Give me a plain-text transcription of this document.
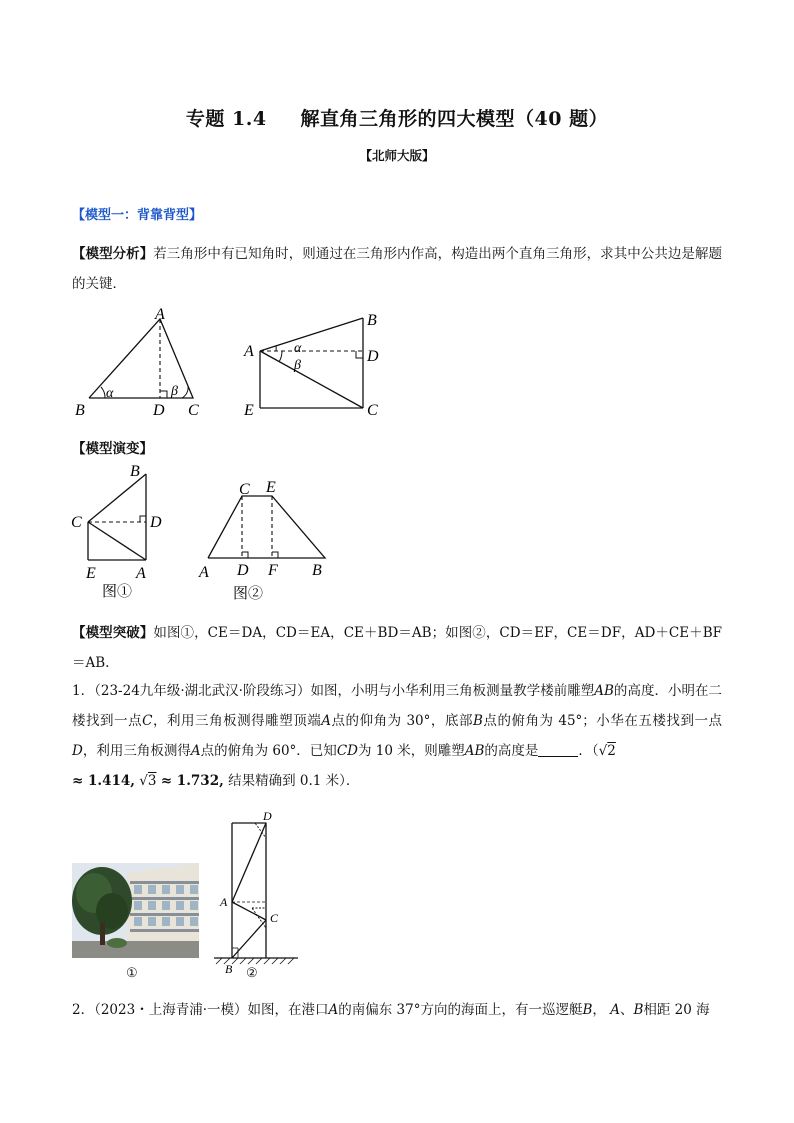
专题 1.4 解直角三角形的四大模型（40 题）
【北师大版】
【模型一：背靠背型】
【模型分析】若三角形中有已知角时，则通过在三角形内作高，构造出两个直角三角形，求其中公共边是解题的关键．
A
B	D C
α	β
A
B
D
C
E
α
β
【模型演变】
B
C	D
E	A
图①
C E
A D F B
图②
【模型突破】如图①，CE＝DA，CD＝EA，CE＋BD＝AB；如图②，CD＝EF，CE＝DF，AD＋CE＋BF＝AB.
1．（23-24九年级·湖北武汉·阶段练习）如图，小明与小华利用三角板测量教学楼前雕塑AB的高度．小明在二楼找到一点C，利用三角板测得雕塑顶端A点的仰角为 30°，底部B点的俯角为 45°；小华在五楼找到一点D，利用三角板测得A点的俯角为 60°．已知CD为 10 米，则雕塑AB的高度是	．（√2
≈ 1.414, √3 ≈ 1.732, 结果精确到 0.1 米）．
①
D
A
C
B ②
2．（2023・上海青浦·一模）如图，在港口A的南偏东 37°方向的海面上，有一巡逻艇B， A、B相距 20 海
